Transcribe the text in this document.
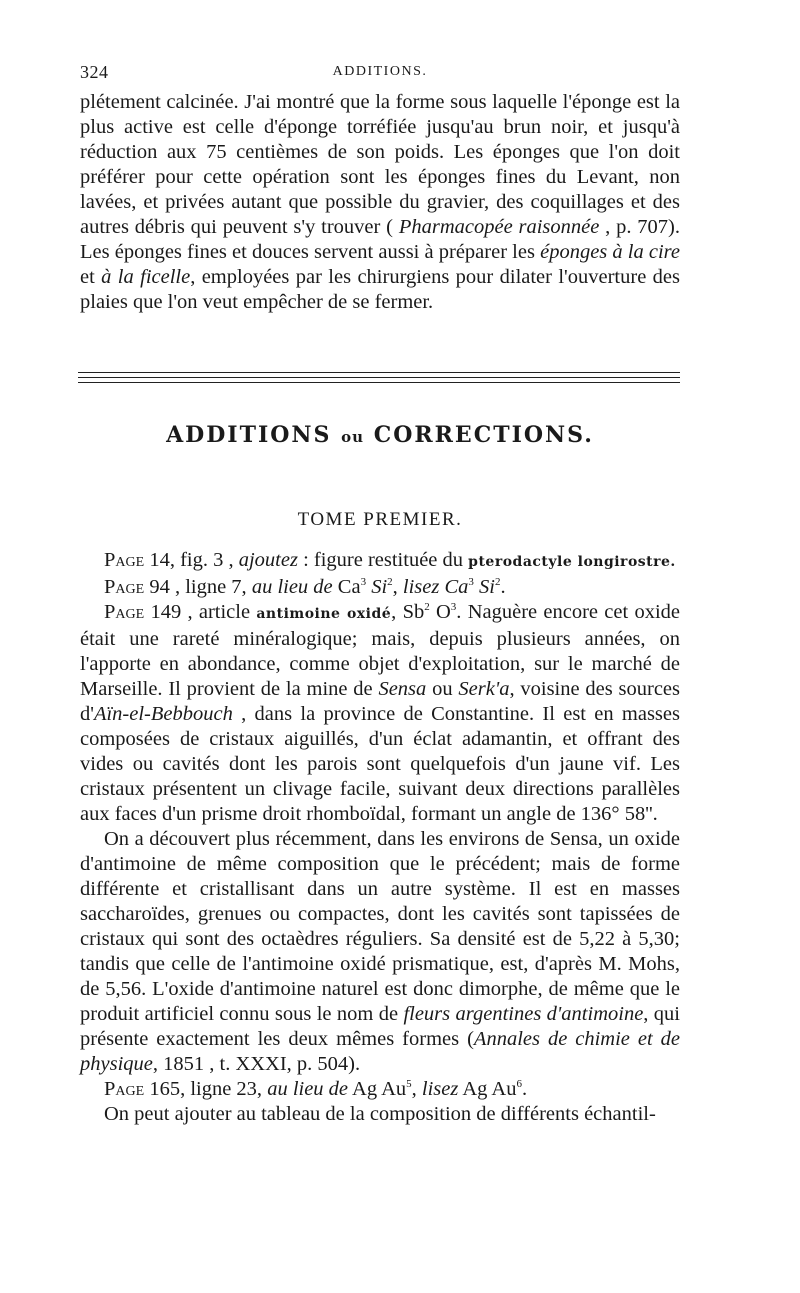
324	ADDITIONS.
plétement calcinée. J'ai montré que la forme sous laquelle l'éponge est la plus active est celle d'éponge torréfiée jusqu'au brun noir, et jusqu'à réduction aux 75 centièmes de son poids. Les éponges que l'on doit préférer pour cette opération sont les éponges fines du Levant, non lavées, et privées autant que possible du gravier, des coquillages et des autres débris qui peuvent s'y trouver ( Pharmacopée raisonnée , p. 707). Les éponges fines et douces servent aussi à préparer les éponges à la cire et à la ficelle, employées par les chirurgiens pour dilater l'ouverture des plaies que l'on veut empêcher de se fermer.
ADDITIONS ou CORRECTIONS.
TOME PREMIER.

Page 14, fig. 3 , ajoutez : figure restituée du pterodactyle longirostre.

Page 94 , ligne 7, au lieu de Ca$^3$ Si$^2$, lisez Ca$^3$ Si$^2$.

Page 149 , article antimoine oxidé, Sb$^2$ $O^3$. Naguère encore cet oxide était une rareté minéralogique; mais, depuis plusieurs années, on l'apporte en abondance, comme objet d'exploitation, sur le marché de Marseille. Il provient de la mine de Sensa ou Serk'a, voisine des sources d'Aïn-el-Bebbouch , dans la province de Constantine. Il est en masses composées de cristaux aiguillés, d'un éclat adamantin, et offrant des vides ou cavités dont les parois sont quelquefois d'un jaune vif. Les cristaux présentent un clivage facile, suivant deux directions parallèles aux faces d'un prisme droit rhomboïdal, formant un angle de 136° 58''.

On a découvert plus récemment, dans les environs de Sensa, un oxide d'antimoine de même composition que le précédent; mais de forme différente et cristallisant dans un autre système. Il est en masses saccharoïdes, grenues ou compactes, dont les cavités sont tapissées de cristaux qui sont des octaèdres réguliers. Sa densité est de 5,22 à 5,30; tandis que celle de l'antimoine oxidé prismatique, est, d'après M. Mohs, de 5,56. L'oxide d'antimoine naturel est donc dimorphe, de même que le produit artificiel connu sous le nom de fleurs argentines d'antimoine, qui présente exactement les deux mêmes formes (Annales de chimie et de physique, 1851 , t. XXXI, p. 504).

Page 165, ligne 23, au lieu de Ag Au$^5$, lisez Ag Au$^6$.

On peut ajouter au tableau de la composition de différents échantil-
